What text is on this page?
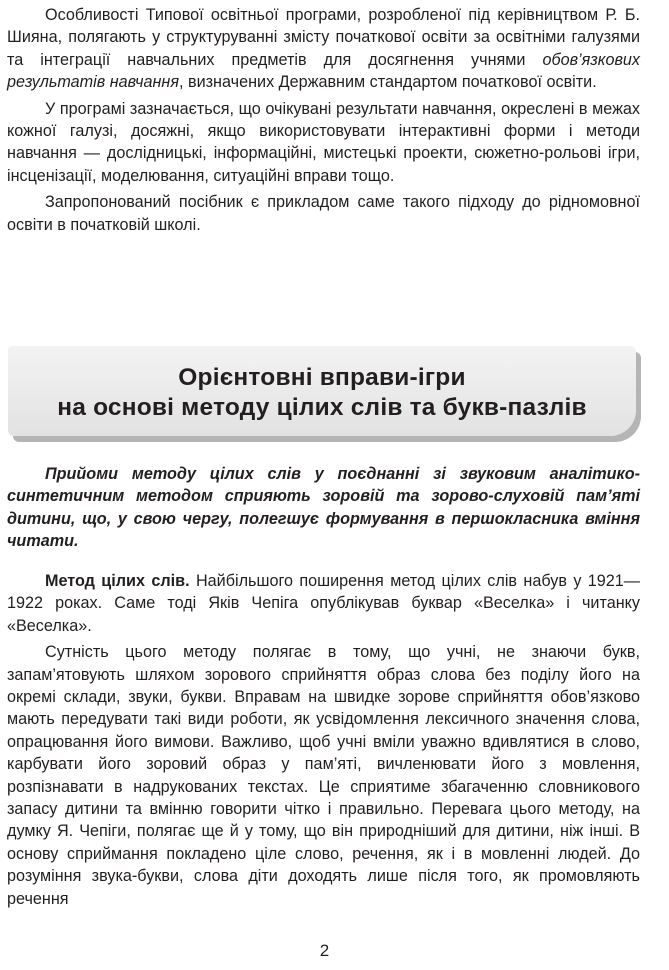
Особливості Типової освітньої програми, розробленої під керівництвом Р. Б. Шияна, полягають у структуруванні змісту початкової освіти за освітніми галузями та інтеграції навчальних предметів для досягнення учнями обов’язкових результатів навчання, визначених Державним стандартом початкової освіти.

У програмі зазначається, що очікувані результати навчання, окреслені в межах кожної галузі, досяжні, якщо використовувати інтерактивні форми і методи навчання — дослідницькі, інформаційні, мистецькі проекти, сюжетно-рольові ігри, інсценізації, моделювання, ситуаційні вправи тощо.

Запропонований посібник є прикладом саме такого підходу до рідномовної освіти в початковій школі.

Орієнтовні вправи-ігри
на основі методу цілих слів та букв-пазлів

Прийоми методу цілих слів у поєднанні зі звуковим аналітико-синтетичним методом сприяють зоровій та зорово-слуховій пам’яті дитини, що, у свою чергу, полегшує формування в першокласника вміння читати.

Метод цілих слів. Найбільшого поширення метод цілих слів набув у 1921—1922 роках. Саме тоді Яків Чепіга опублікував буквар «Веселка» і читанку «Веселка».

Сутність цього методу полягає в тому, що учні, не знаючи букв, запам’ятовують шляхом зорового сприйняття образ слова без поділу його на окремі склади, звуки, букви. Вправам на швидке зорове сприйняття обов’язково мають передувати такі види роботи, як усвідомлення лексичного значення слова, опрацювання його вимови. Важливо, щоб учні вміли уважно вдивлятися в слово, карбувати його зоровий образ у пам’яті, вичленювати його з мовлення, розпізнавати в надрукованих текстах. Це сприятиме збагаченню словникового запасу дитини та вмінню говорити чітко і правильно. Перевага цього методу, на думку Я. Чепіги, полягає ще й у тому, що він природніший для дитини, ніж інші. В основу сприймання покладено ціле слово, речення, як і в мовленні людей. До розуміння звука-букви, слова діти доходять лише після того, як промовляють речення

2
